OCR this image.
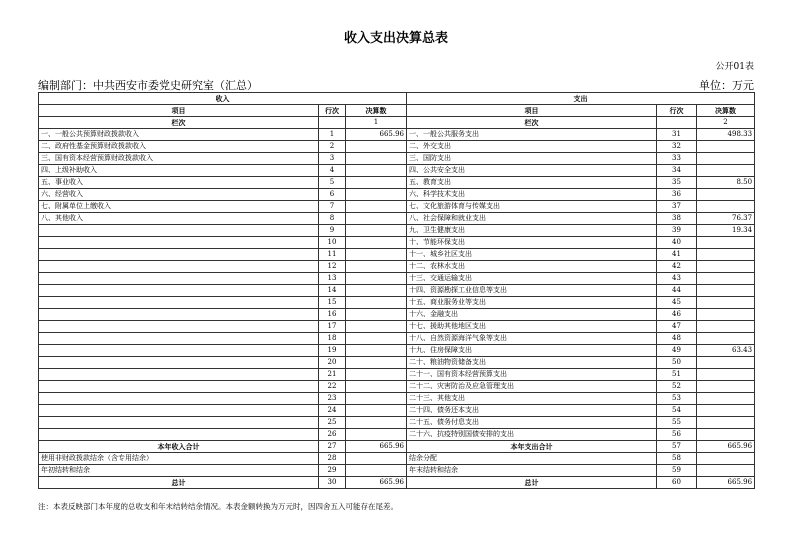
收入支出决算总表
公开01表
编制部门：中共西安市委党史研究室（汇总）	单位：万元
收入			支出		
项目	行次	决算数	项目	行次	决算数
栏次		1	栏次		2
一、一般公共预算财政拨款收入	1	665.96	一、一般公共服务支出	31	498.33
二、政府性基金预算财政拨款收入	2		二、外交支出	32	
三、国有资本经营预算财政拨款收入	3		三、国防支出	33	
四、上级补助收入	4		四、公共安全支出	34	
五、事业收入	5		五、教育支出	35	8.50
六、经营收入	6		六、科学技术支出	36	
七、附属单位上缴收入	7		七、文化旅游体育与传媒支出	37	
八、其他收入	8		八、社会保障和就业支出	38	76.37
	9		九、卫生健康支出	39	19.34
	10		十、节能环保支出	40	
	11		十一、城乡社区支出	41	
	12		十二、农林水支出	42	
	13		十三、交通运输支出	43	
	14		十四、资源勘探工业信息等支出	44	
	15		十五、商业服务业等支出	45	
	16		十六、金融支出	46	
	17		十七、援助其他地区支出	47	
	18		十八、自然资源海洋气象等支出	48	
	19		十九、住房保障支出	49	63.43
	20		二十、粮油物资储备支出	50	
	21		二十一、国有资本经营预算支出	51	
	22		二十二、灾害防治及应急管理支出	52	
	23		二十三、其他支出	53	
	24		二十四、债务还本支出	54	
	25		二十五、债务付息支出	55	
	26		二十六、抗疫特别国债安排的支出	56	
本年收入合计	27	665.96	本年支出合计	57	665.96
使用非财政拨款结余（含专用结余）	28		结余分配	58	
年初结转和结余	29		年末结转和结余	59	
总计	30	665.96	总计	60	665.96
注：本表反映部门本年度的总收支和年末结转结余情况。本表金额转换为万元时，因四舍五入可能存在尾差。
